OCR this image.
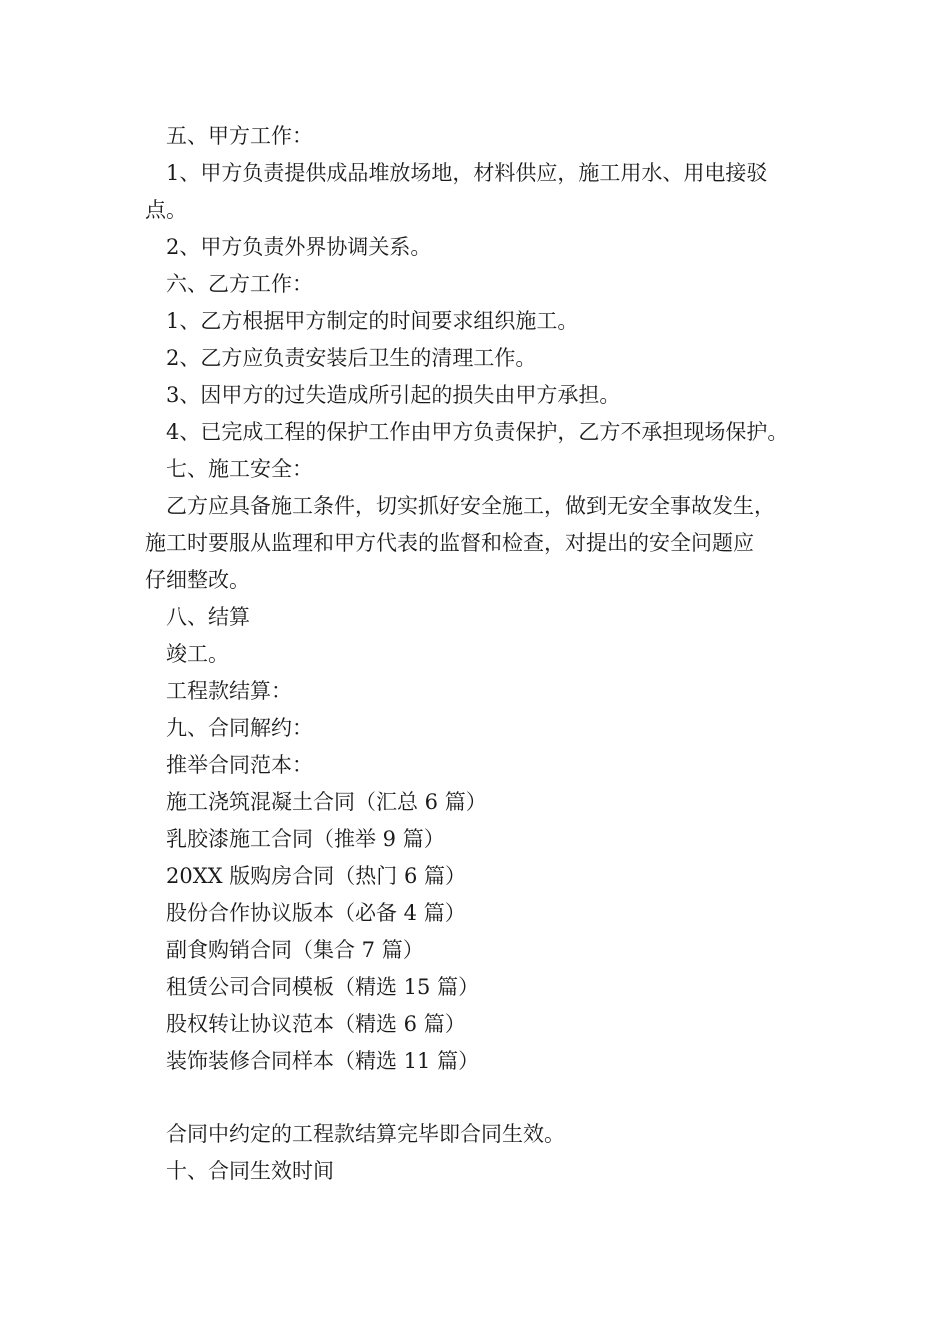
五、甲方工作：
1、甲方负责提供成品堆放场地，材料供应，施工用水、用电接驳
点。
2、甲方负责外界协调关系。
六、乙方工作：
1、乙方根据甲方制定的时间要求组织施工。
2、乙方应负责安装后卫生的清理工作。
3、因甲方的过失造成所引起的损失由甲方承担。
4、已完成工程的保护工作由甲方负责保护，乙方不承担现场保护。
七、施工安全：
乙方应具备施工条件，切实抓好安全施工，做到无安全事故发生，
施工时要服从监理和甲方代表的监督和检查，对提出的安全问题应
仔细整改。
八、结算
竣工。
工程款结算：
九、合同解约：
推举合同范本：
施工浇筑混凝土合同（汇总 6 篇）
乳胶漆施工合同（推举 9 篇）
20XX 版购房合同（热门 6 篇）
股份合作协议版本（必备 4 篇）
副食购销合同（集合 7 篇）
租赁公司合同模板（精选 15 篇）
股权转让协议范本（精选 6 篇）
装饰装修合同样本（精选 11 篇）
合同中约定的工程款结算完毕即合同生效。
十、合同生效时间
